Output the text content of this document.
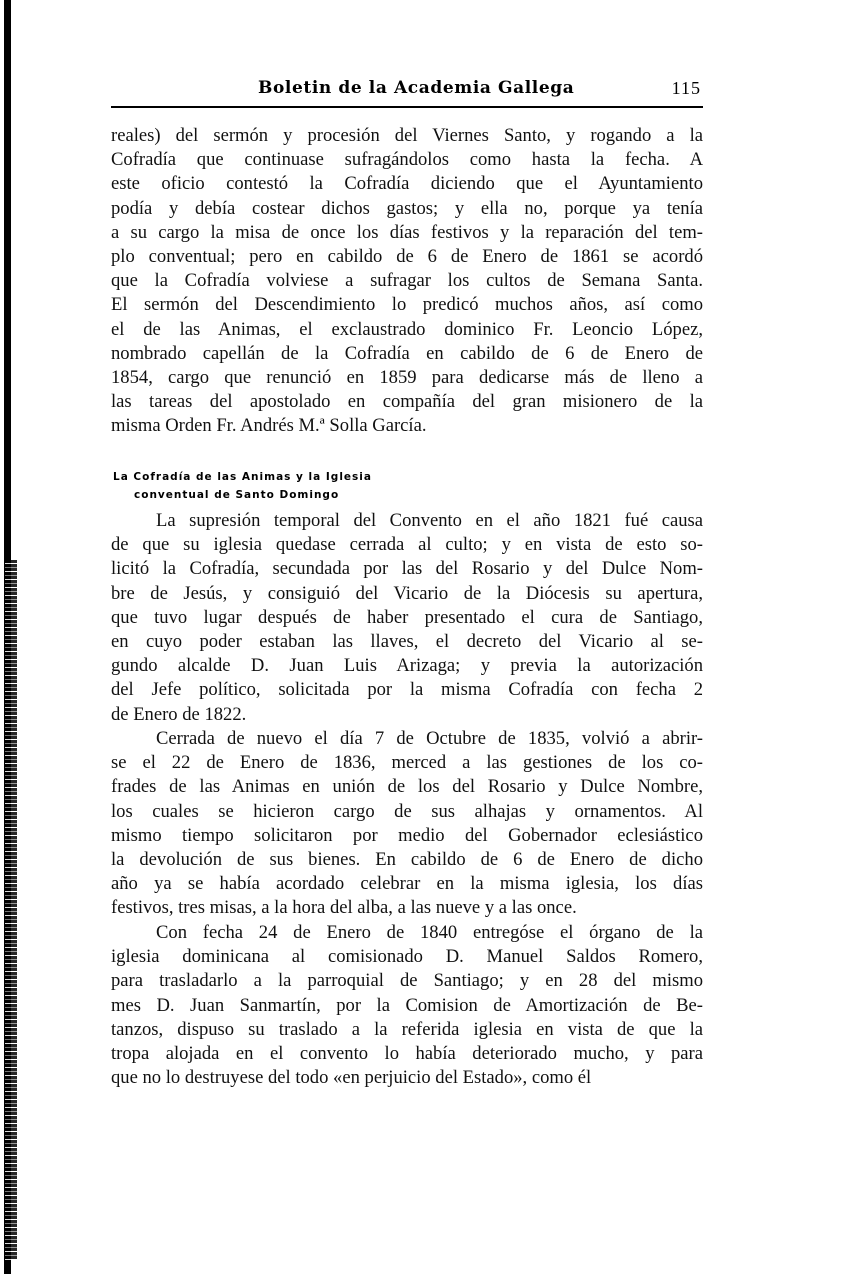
Boletin de la Academia Gallega	115
reales) del sermón y procesión del Viernes Santo, y rogando a la
Cofradía que continuase sufragándolos como hasta la fecha. A
este oficio contestó la Cofradía diciendo que el Ayuntamiento
podía y debía costear dichos gastos; y ella no, porque ya tenía
a su cargo la misa de once los días festivos y la reparación del tem-
plo conventual; pero en cabildo de 6 de Enero de 1861 se acordó
que la Cofradía volviese a sufragar los cultos de Semana Santa.
El sermón del Descendimiento lo predicó muchos años, así como
el de las Animas, el exclaustrado dominico Fr. Leoncio López,
nombrado capellán de la Cofradía en cabildo de 6 de Enero de
1854, cargo que renunció en 1859 para dedicarse más de lleno a
las tareas del apostolado en compañía del gran misionero de la
misma Orden Fr. Andrés M.ª Solla García.
La Cofradía de las Animas y la Iglesia
conventual de Santo Domingo
La supresión temporal del Convento en el año 1821 fué causa
de que su iglesia quedase cerrada al culto; y en vista de esto so-
licitó la Cofradía, secundada por las del Rosario y del Dulce Nom-
bre de Jesús, y consiguió del Vicario de la Diócesis su apertura,
que tuvo lugar después de haber presentado el cura de Santiago,
en cuyo poder estaban las llaves, el decreto del Vicario al se-
gundo alcalde D. Juan Luis Arizaga; y previa la autorización
del Jefe político, solicitada por la misma Cofradía con fecha 2
de Enero de 1822.
Cerrada de nuevo el día 7 de Octubre de 1835, volvió a abrir-
se el 22 de Enero de 1836, merced a las gestiones de los co-
frades de las Animas en unión de los del Rosario y Dulce Nombre,
los cuales se hicieron cargo de sus alhajas y ornamentos. Al
mismo tiempo solicitaron por medio del Gobernador eclesiástico
la devolución de sus bienes. En cabildo de 6 de Enero de dicho
año ya se había acordado celebrar en la misma iglesia, los días
festivos, tres misas, a la hora del alba, a las nueve y a las once.
Con fecha 24 de Enero de 1840 entregóse el órgano de la
iglesia dominicana al comisionado D. Manuel Saldos Romero,
para trasladarlo a la parroquial de Santiago; y en 28 del mismo
mes D. Juan Sanmartín, por la Comision de Amortización de Be-
tanzos, dispuso su traslado a la referida iglesia en vista de que la
tropa alojada en el convento lo había deteriorado mucho, y para
que no lo destruyese del todo «en perjuicio del Estado», como él
